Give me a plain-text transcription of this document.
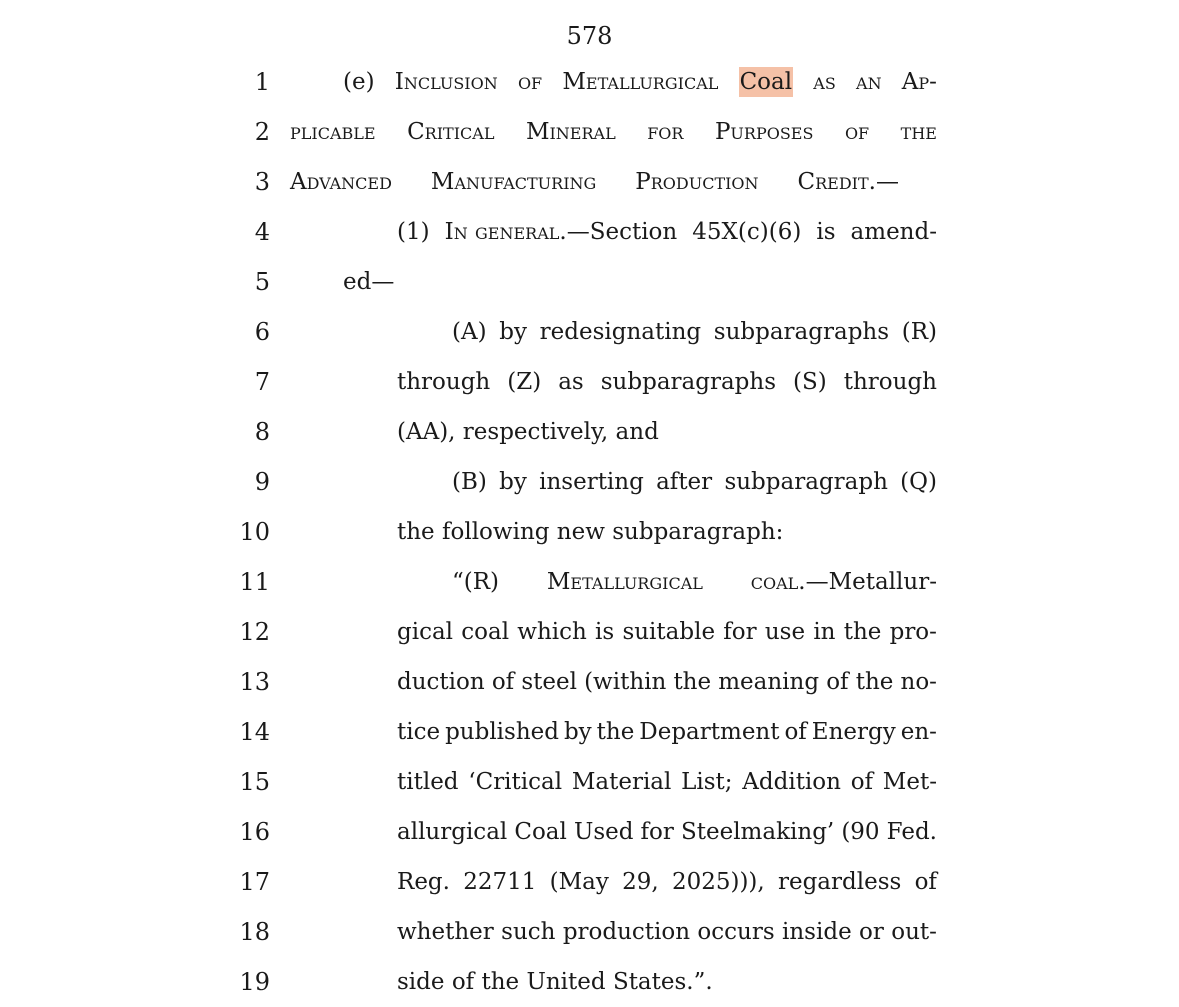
578
1	(e) Inclusion of Metallurgical Coal as an Ap-
2 plicable Critical Mineral for Purposes of the
3 Advanced Manufacturing Production Credit.—
4	(1) In general.—Section 45X(c)(6) is amend-
5	ed—
6	(A) by redesignating subparagraphs (R)
7	through (Z) as subparagraphs (S) through
8	(AA), respectively, and
9	(B) by inserting after subparagraph (Q)
10	the following new subparagraph:
11	“(R) Metallurgical coal.—Metallur-
12	gical coal which is suitable for use in the pro-
13	duction of steel (within the meaning of the no-
14	tice published by the Department of Energy en-
15	titled ‘Critical Material List; Addition of Met-
16	allurgical Coal Used for Steelmaking’ (90 Fed.
17	Reg. 22711 (May 29, 2025))), regardless of
18	whether such production occurs inside or out-
19	side of the United States.”.
